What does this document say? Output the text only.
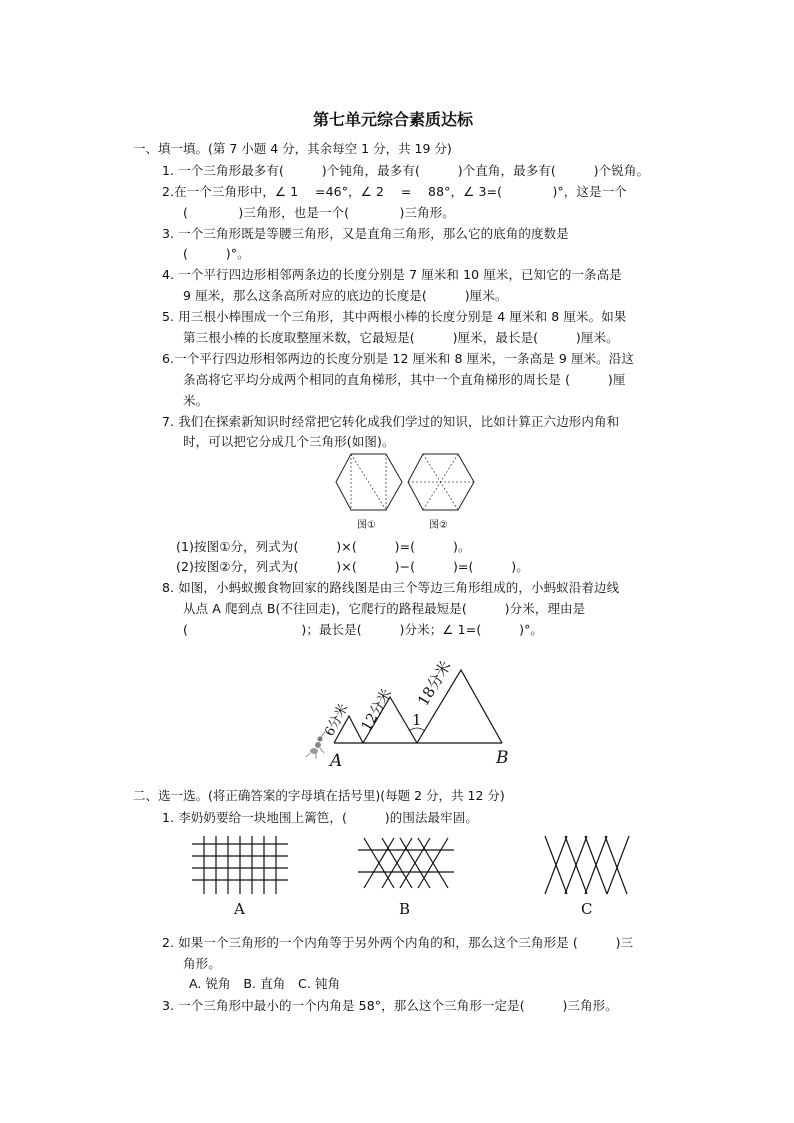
第七单元综合素质达标
一、填一填。(第 7 小题 4 分，其余每空 1 分，共 19 分)
1. 一个三角形最多有(　　　)个钝角，最多有(　　　)个直角，最多有(　　　)个锐角。
2.在一个三角形中，∠ 1 　=46°，∠ 2 　= 　88°，∠ 3=(　　　　)°，这是一个
(　　　　)三角形，也是一个(　　　　)三角形。
3. 一个三角形既是等腰三角形，又是直角三角形，那么它的底角的度数是
(　　　)°。
4. 一个平行四边形相邻两条边的长度分别是 7 厘米和 10 厘米，已知它的一条高是
9 厘米，那么这条高所对应的底边的长度是(　　　)厘米。
5. 用三根小棒围成一个三角形，其中两根小棒的长度分别是 4 厘米和 8 厘米。如果
第三根小棒的长度取整厘米数，它最短是(　　　)厘米，最长是(　　　)厘米。
6.一个平行四边形相邻两边的长度分别是 12 厘米和 8 厘米，一条高是 9 厘米。沿这
条高将它平均分成两个相同的直角梯形，其中一个直角梯形的周长是 (　　　)厘
米。
7. 我们在探索新知识时经常把它转化成我们学过的知识，比如计算正六边形内角和
时，可以把它分成几个三角形(如图)。
图①	图②
(1)按图①分，列式为(　　　)×(　　　)=(　　　)。
(2)按图②分，列式为(　　　)×(　　　)−(　　　)=(　　　)。
8. 如图，小蚂蚁搬食物回家的路线图是由三个等边三角形组成的，小蚂蚁沿着边线
从点 A 爬到点 B(不往回走)，它爬行的路程最短是(　　　)分米，理由是
(　　　　　　　　　)；最长是(　　　)分米；∠ 1=(　　　)°。
A	B
1
6分米 12分米
18分米
二、选一选。(将正确答案的字母填在括号里)(每题 2 分，共 12 分)
1. 李奶奶要给一块地围上篱笆，(　　　)的围法最牢固。
A	B	C
2. 如果一个三角形的一个内角等于另外两个内角的和，那么这个三角形是 (　　　)三
角形。
A. 锐角　B. 直角　C. 钝角
3. 一个三角形中最小的一个内角是 58°，那么这个三角形一定是(　　　)三角形。
